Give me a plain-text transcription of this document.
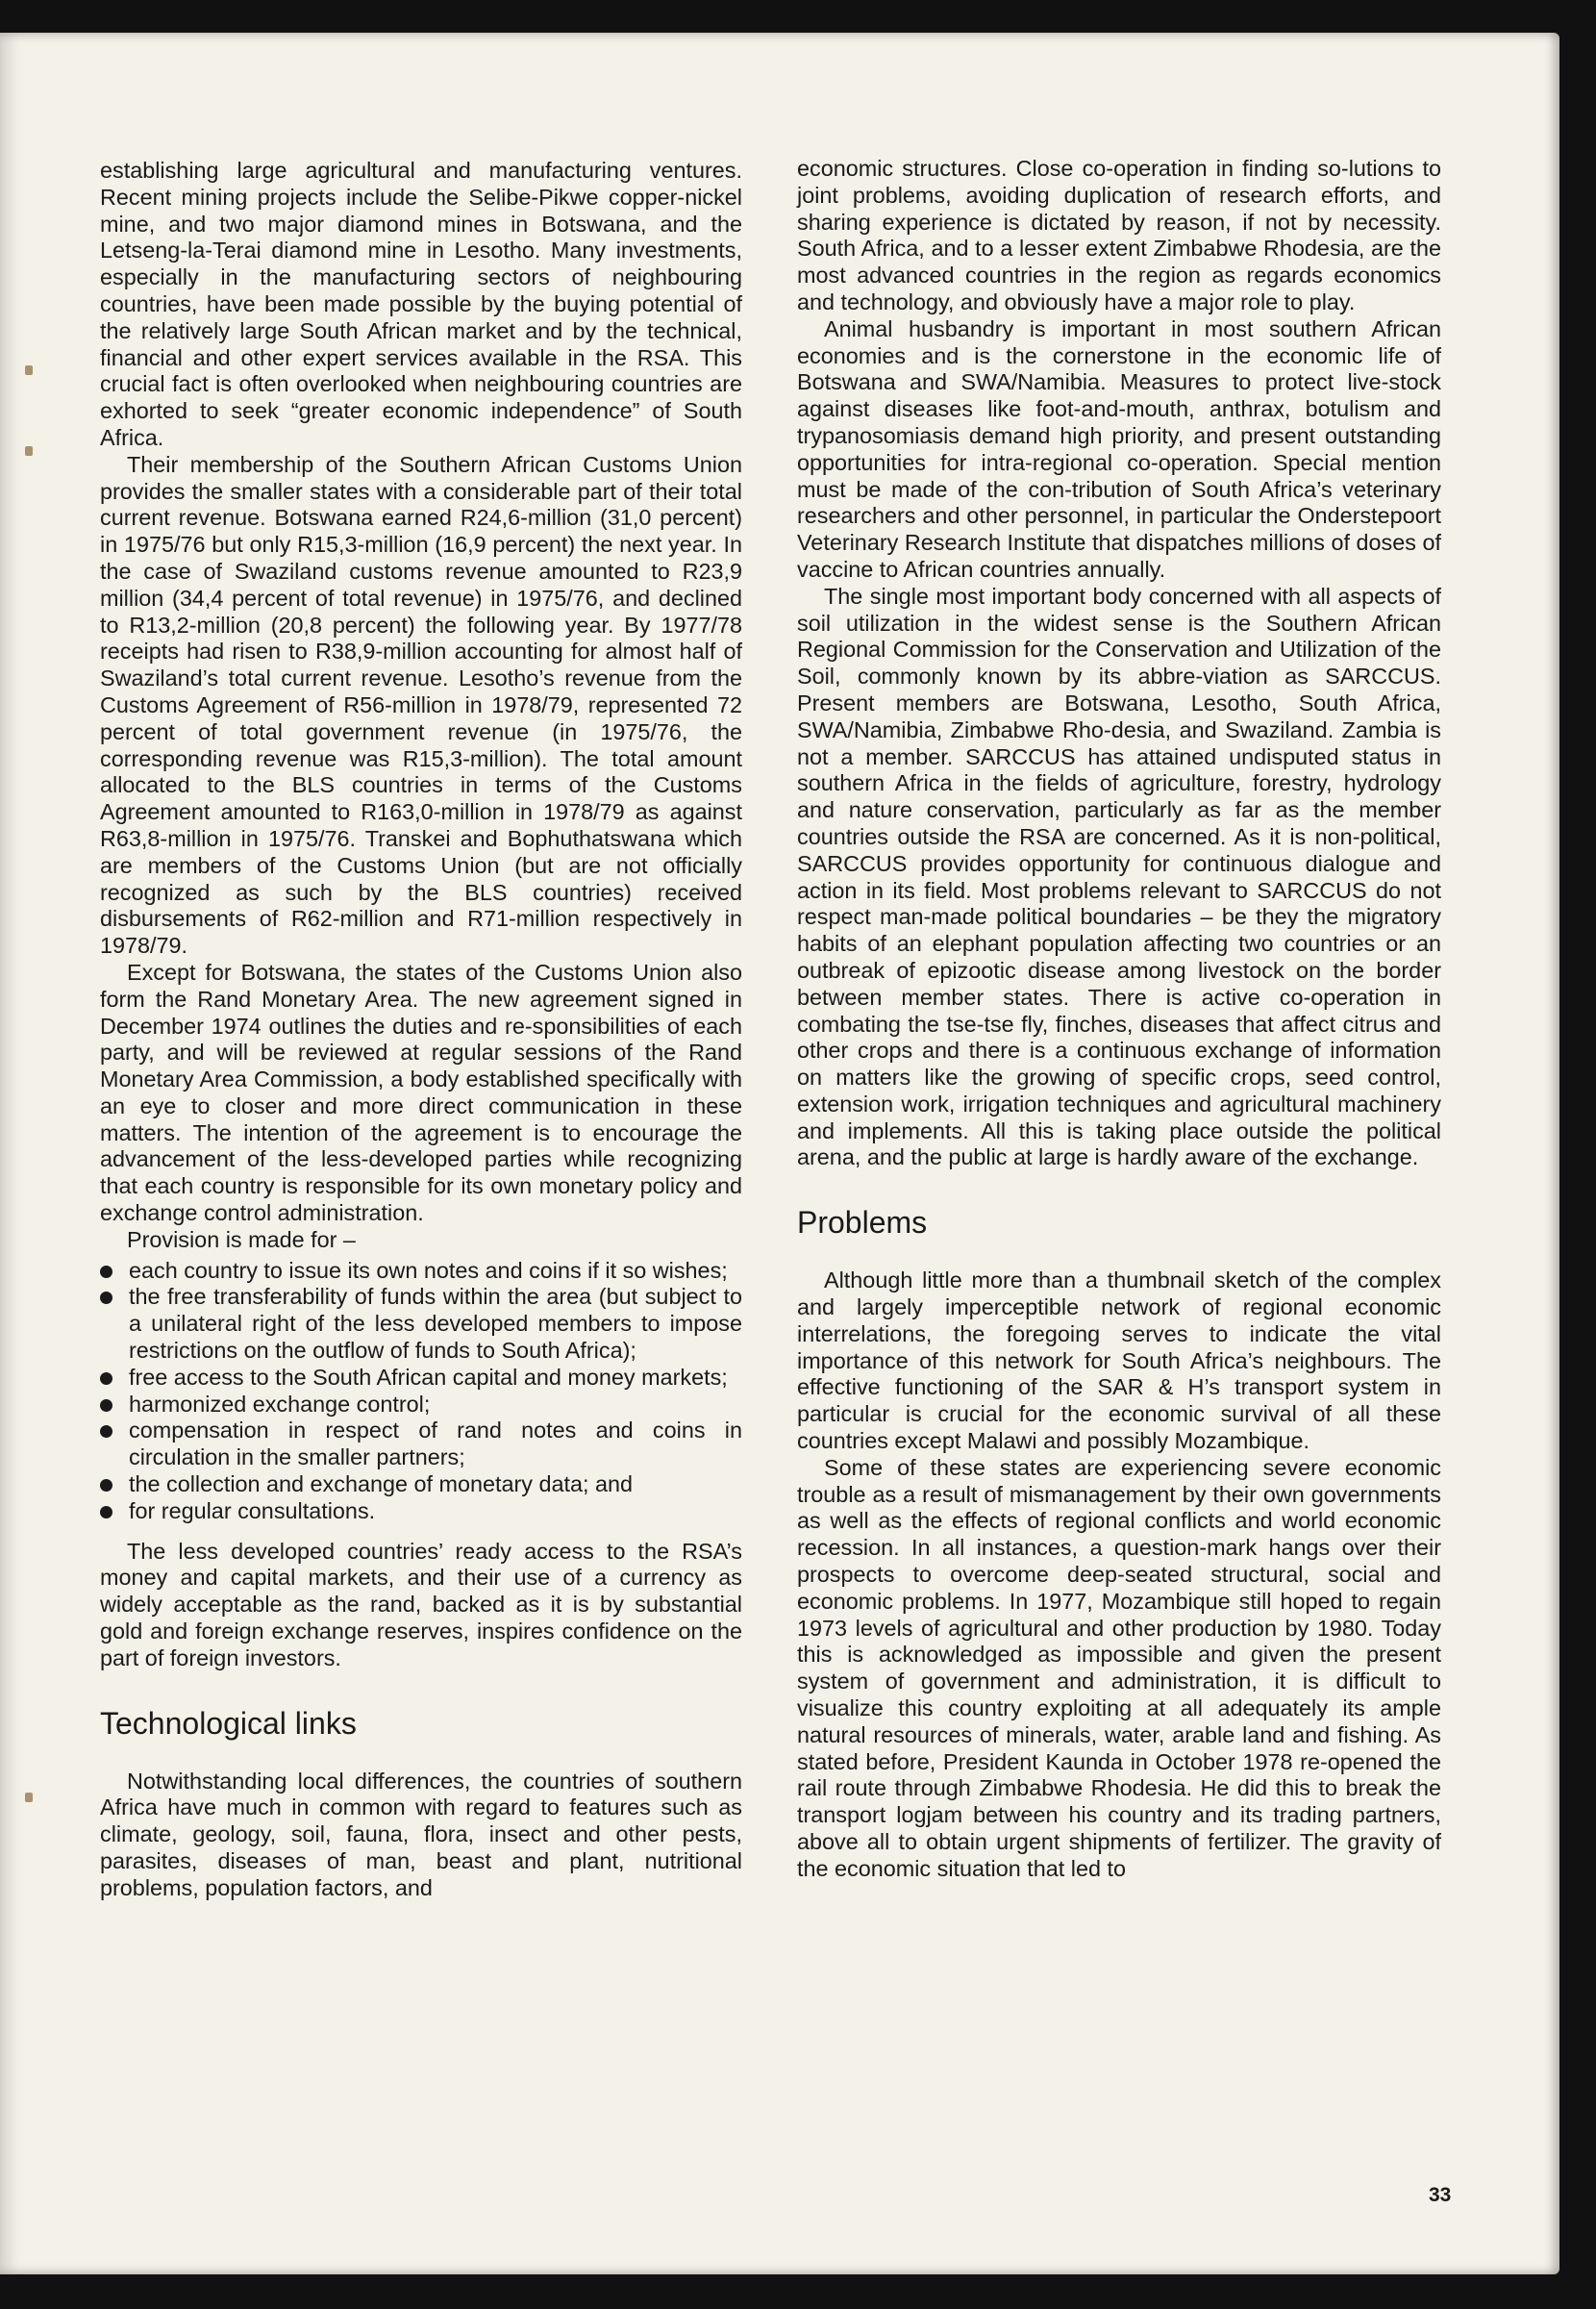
establishing large agricultural and manufacturing ventures. Recent mining projects include the Selibe-Pikwe copper-nickel mine, and two major diamond mines in Botswana, and the Letseng-la-Terai diamond mine in Lesotho. Many investments, especially in the manufacturing sectors of neighbouring countries, have been made possible by the buying potential of the relatively large South African market and by the technical, financial and other expert services available in the RSA. This crucial fact is often overlooked when neighbouring countries are exhorted to seek “greater economic independence” of South Africa.

Their membership of the Southern African Customs Union provides the smaller states with a considerable part of their total current revenue. Botswana earned R24,6-million (31,0 percent) in 1975/76 but only R15,3-million (16,9 percent) the next year. In the case of Swaziland customs revenue amounted to R23,9 million (34,4 percent of total revenue) in 1975/76, and declined to R13,2-million (20,8 percent) the following year. By 1977/78 receipts had risen to R38,9-million accounting for almost half of Swaziland’s total current revenue. Lesotho’s revenue from the Customs Agreement of R56-million in 1978/79, represented 72 percent of total government revenue (in 1975/76, the corresponding revenue was R15,3-million). The total amount allocated to the BLS countries in terms of the Customs Agreement amounted to R163,0-million in 1978/79 as against R63,8-million in 1975/76. Transkei and Bophuthatswana which are members of the Customs Union (but are not officially recognized as such by the BLS countries) received disbursements of R62-million and R71-million respectively in 1978/79.

Except for Botswana, the states of the Customs Union also form the Rand Monetary Area. The new agreement signed in December 1974 outlines the duties and re-sponsibilities of each party, and will be reviewed at regular sessions of the Rand Monetary Area Commission, a body established specifically with an eye to closer and more direct communication in these matters. The intention of the agreement is to encourage the advancement of the less-developed parties while recognizing that each country is responsible for its own monetary policy and exchange control administration.

Provision is made for –

each country to issue its own notes and coins if it so wishes;
the free transferability of funds within the area (but subject to a unilateral right of the less developed members to impose restrictions on the outflow of funds to South Africa);
free access to the South African capital and money markets;
harmonized exchange control;
compensation in respect of rand notes and coins in circulation in the smaller partners;
the collection and exchange of monetary data; and
for regular consultations.

The less developed countries’ ready access to the RSA’s money and capital markets, and their use of a currency as widely acceptable as the rand, backed as it is by substantial gold and foreign exchange reserves, inspires confidence on the part of foreign investors.

Technological links

Notwithstanding local differences, the countries of southern Africa have much in common with regard to features such as climate, geology, soil, fauna, flora, insect and other pests, parasites, diseases of man, beast and plant, nutritional problems, population factors, and

economic structures. Close co-operation in finding so-lutions to joint problems, avoiding duplication of research efforts, and sharing experience is dictated by reason, if not by necessity. South Africa, and to a lesser extent Zimbabwe Rhodesia, are the most advanced countries in the region as regards economics and technology, and obviously have a major role to play.

Animal husbandry is important in most southern African economies and is the cornerstone in the economic life of Botswana and SWA/Namibia. Measures to protect live-stock against diseases like foot-and-mouth, anthrax, botulism and trypanosomiasis demand high priority, and present outstanding opportunities for intra-regional co-operation. Special mention must be made of the con-tribution of South Africa’s veterinary researchers and other personnel, in particular the Onderstepoort Veterinary Research Institute that dispatches millions of doses of vaccine to African countries annually.

The single most important body concerned with all aspects of soil utilization in the widest sense is the Southern African Regional Commission for the Conservation and Utilization of the Soil, commonly known by its abbre-viation as SARCCUS. Present members are Botswana, Lesotho, South Africa, SWA/Namibia, Zimbabwe Rho-desia, and Swaziland. Zambia is not a member. SARCCUS has attained undisputed status in southern Africa in the fields of agriculture, forestry, hydrology and nature conservation, particularly as far as the member countries outside the RSA are concerned. As it is non-political, SARCCUS provides opportunity for continuous dialogue and action in its field. Most problems relevant to SARCCUS do not respect man-made political boundaries – be they the migratory habits of an elephant population affecting two countries or an outbreak of epizootic disease among livestock on the border between member states. There is active co-operation in combating the tse-tse fly, finches, diseases that affect citrus and other crops and there is a continuous exchange of information on matters like the growing of specific crops, seed control, extension work, irrigation techniques and agricultural machinery and implements. All this is taking place outside the political arena, and the public at large is hardly aware of the exchange.

Problems

Although little more than a thumbnail sketch of the complex and largely imperceptible network of regional economic interrelations, the foregoing serves to indicate the vital importance of this network for South Africa’s neighbours. The effective functioning of the SAR & H’s transport system in particular is crucial for the economic survival of all these countries except Malawi and possibly Mozambique.

Some of these states are experiencing severe economic trouble as a result of mismanagement by their own governments as well as the effects of regional conflicts and world economic recession. In all instances, a question-mark hangs over their prospects to overcome deep-seated structural, social and economic problems. In 1977, Mozambique still hoped to regain 1973 levels of agricultural and other production by 1980. Today this is acknowledged as impossible and given the present system of government and administration, it is difficult to visualize this country exploiting at all adequately its ample natural resources of minerals, water, arable land and fishing. As stated before, President Kaunda in October 1978 re-opened the rail route through Zimbabwe Rhodesia. He did this to break the transport logjam between his country and its trading partners, above all to obtain urgent shipments of fertilizer. The gravity of the economic situation that led to

33
